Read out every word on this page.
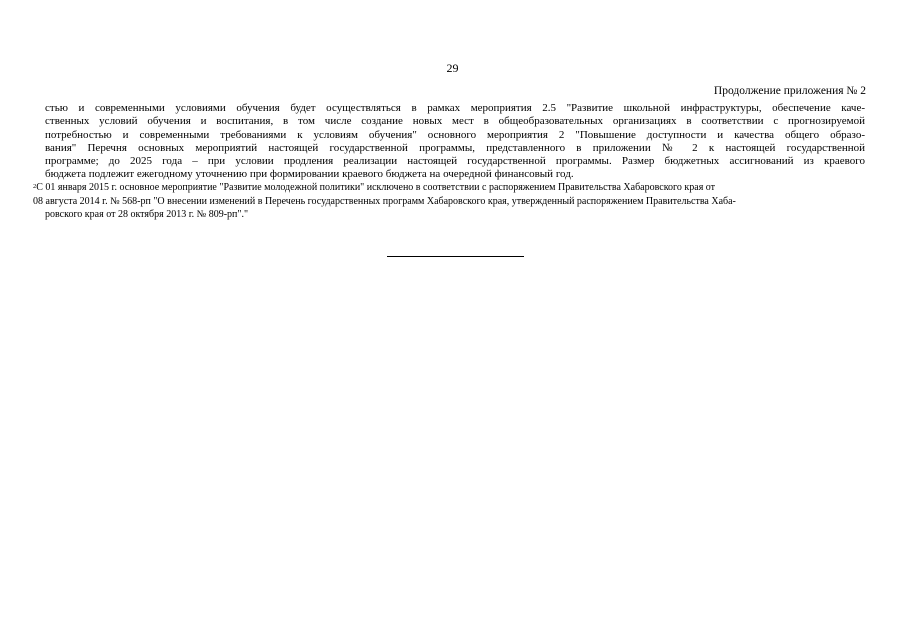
29
Продолжение приложения № 2
стью и современными условиями обучения будет осуществляться в рамках мероприятия 2.5 "Развитие школьной инфраструктуры, обеспечение каче-
ственных условий обучения и воспитания, в том числе создание новых мест в общеобразовательных организациях в соответствии с прогнозируемой
потребностью и современными требованиями к условиям обучения" основного мероприятия 2 "Повышение доступности и качества общего образо-
вания" Перечня основных мероприятий настоящей государственной программы, представленного в приложении № 2 к настоящей государственной
программе; до 2025 года – при условии продления реализации настоящей государственной программы. Размер бюджетных ассигнований из краевого
бюджета подлежит ежегодному уточнению при формировании краевого бюджета на очередной финансовый год.
$^2$С 01 января 2015 г. основное мероприятие "Развитие молодежной политики" исключено в соответствии с распоряжением Правительства Хабаровского края от
08 августа 2014 г. № 568-рп "О внесении изменений в Перечень государственных программ Хабаровского края, утвержденный распоряжением Правительства Хаба-
ровского края от 28 октября 2013 г. № 809-рп"."
